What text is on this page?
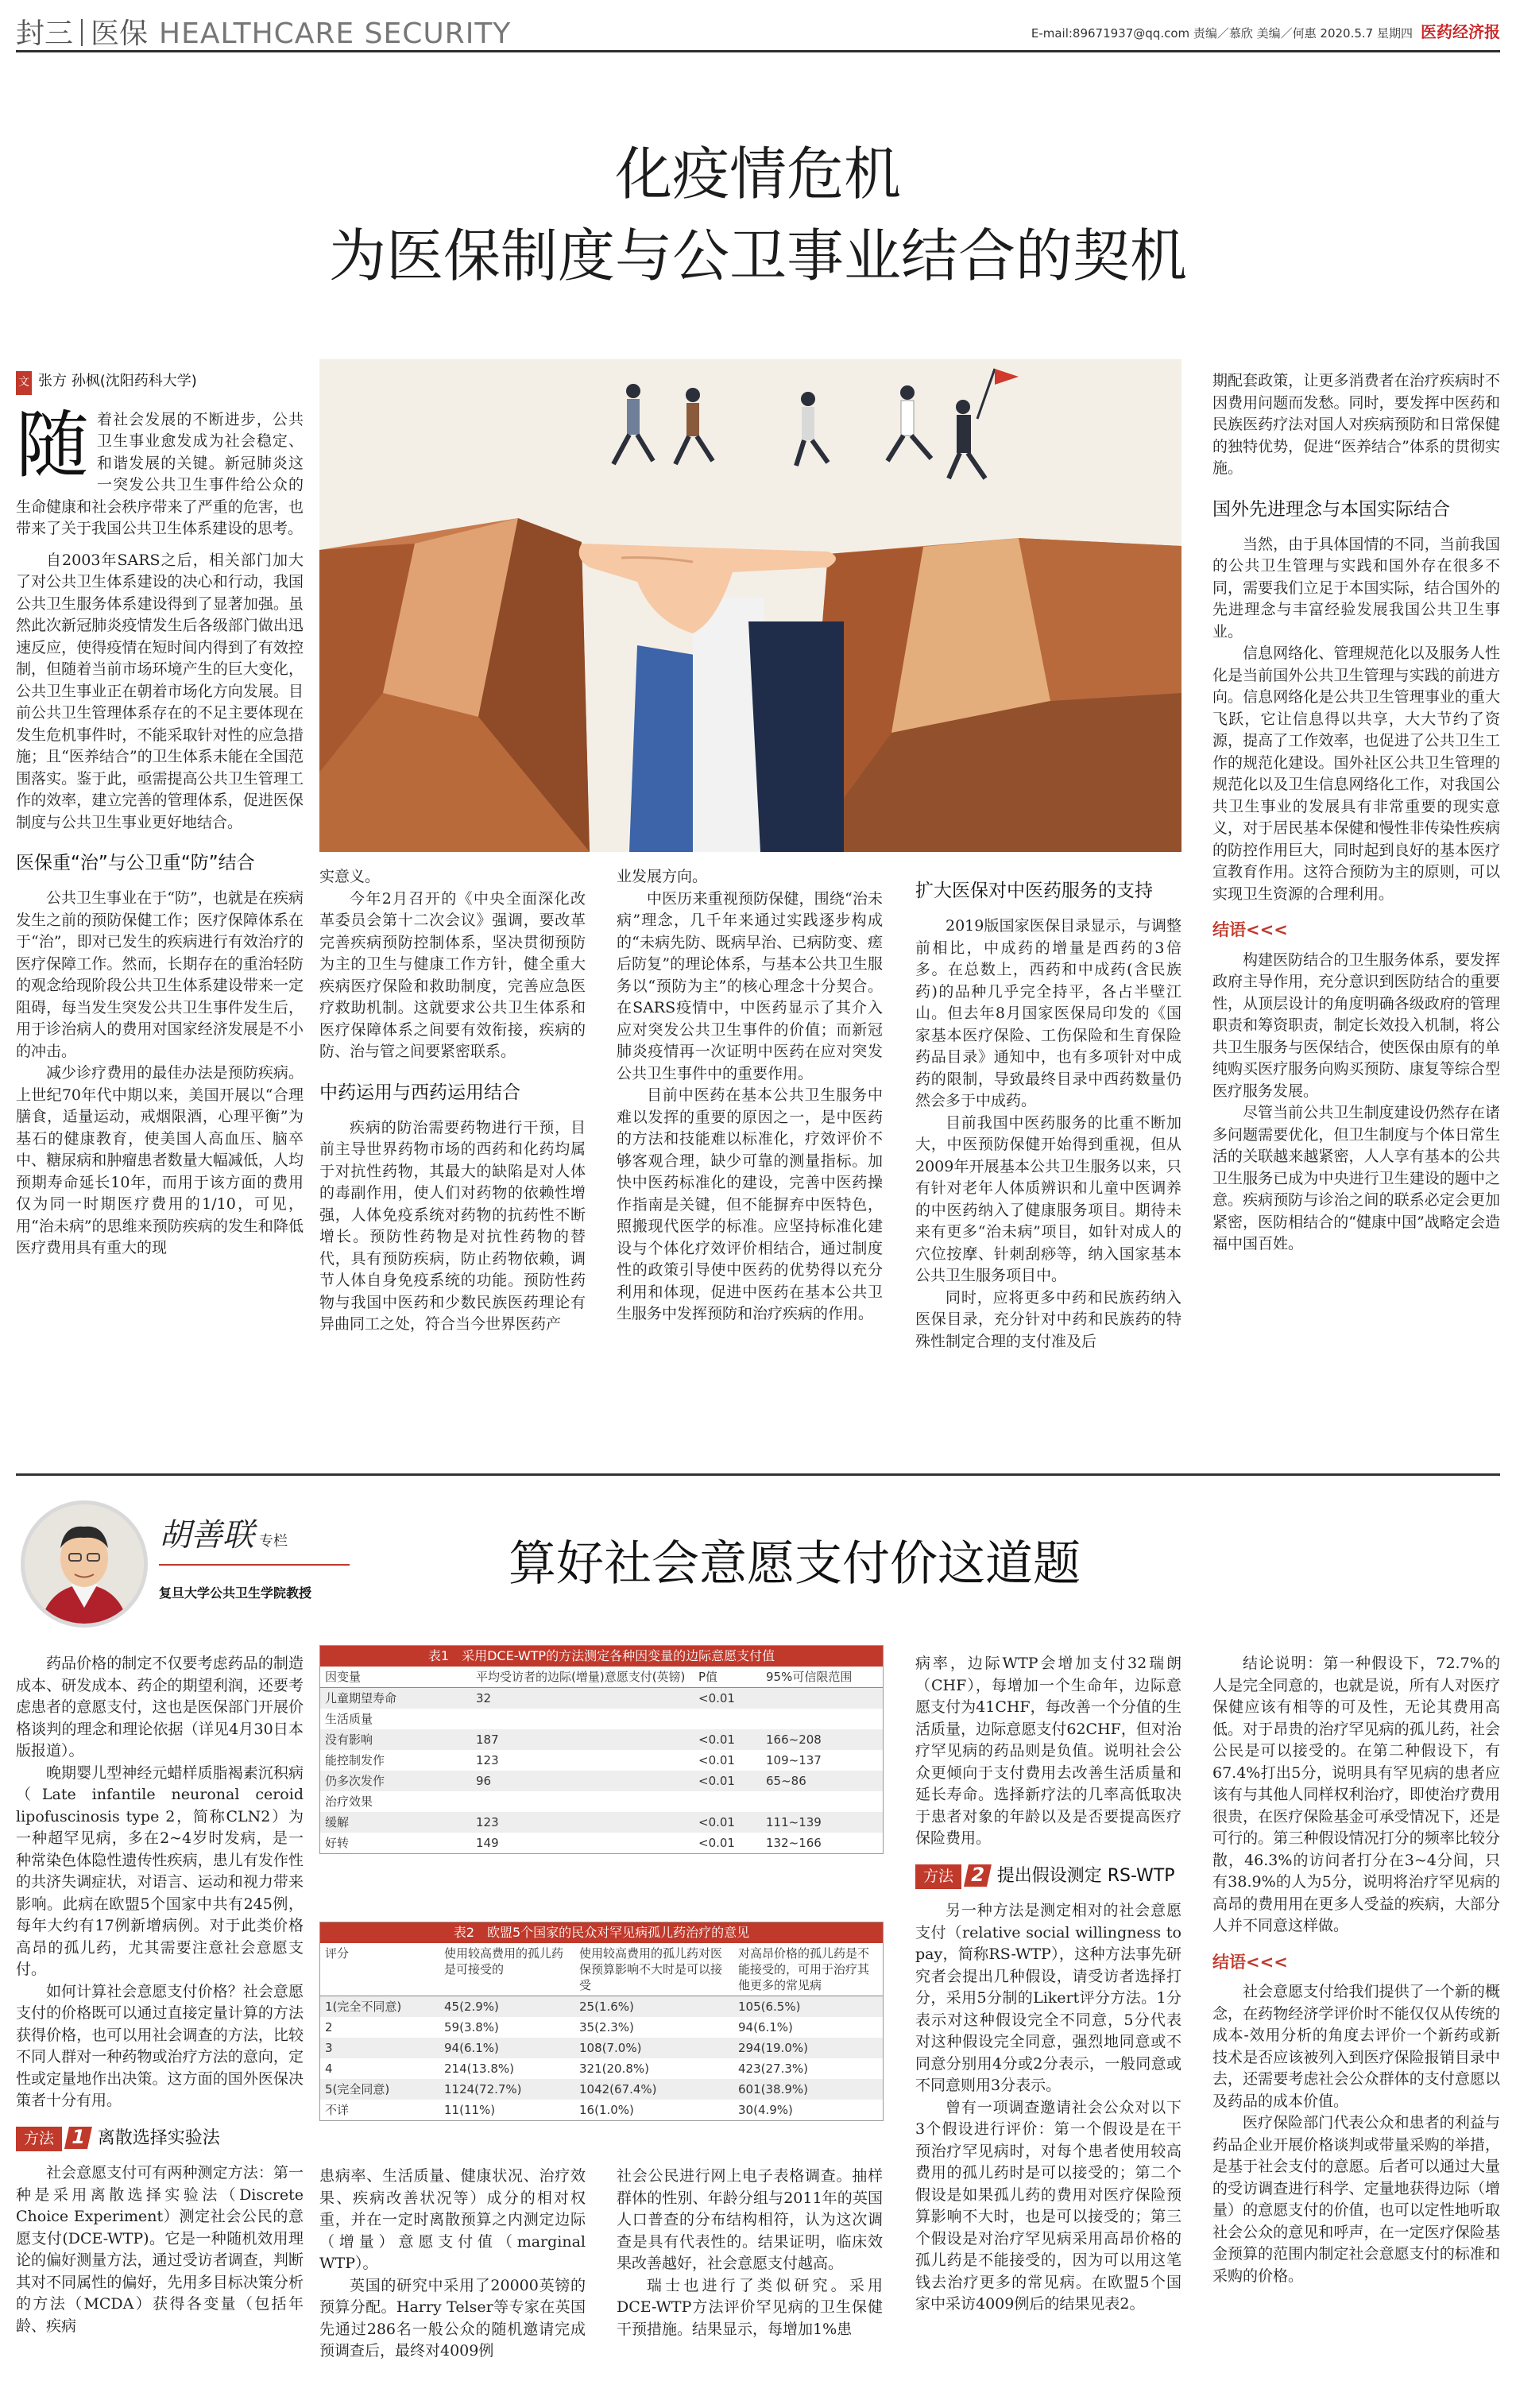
封三 医保 HEALTHCARE SECURITY	E-mail:89671937@qq.com 责编／慕欣 美编／何惠 2020.5.7 星期四 医药经济报
化疫情危机
为医保制度与公卫事业结合的契机
文 张方 孙枫(沈阳药科大学)

随着社会发展的不断进步，公共卫生事业愈发成为社会稳定、和谐发展的关键。新冠肺炎这一突发公共卫生事件给公众的生命健康和社会秩序带来了严重的危害，也带来了关于我国公共卫生体系建设的思考。

自2003年SARS之后，相关部门加大了对公共卫生体系建设的决心和行动，我国公共卫生服务体系建设得到了显著加强。虽然此次新冠肺炎疫情发生后各级部门做出迅速反应，使得疫情在短时间内得到了有效控制，但随着当前市场环境产生的巨大变化，公共卫生事业正在朝着市场化方向发展。目前公共卫生管理体系存在的不足主要体现在发生危机事件时，不能采取针对性的应急措施；且“医养结合”的卫生体系未能在全国范围落实。鉴于此，亟需提高公共卫生管理工作的效率，建立完善的管理体系，促进医保制度与公共卫生事业更好地结合。

医保重“治”与公卫重“防”结合

公共卫生事业在于“防”，也就是在疾病发生之前的预防保健工作；医疗保障体系在于“治”，即对已发生的疾病进行有效治疗的医疗保障工作。然而，长期存在的重治轻防的观念给现阶段公共卫生体系建设带来一定阻碍，每当发生突发公共卫生事件发生后，用于诊治病人的费用对国家经济发展是不小的冲击。

减少诊疗费用的最佳办法是预防疾病。上世纪70年代中期以来，美国开展以“合理膳食，适量运动，戒烟限酒，心理平衡”为基石的健康教育，使美国人高血压、脑卒中、糖尿病和肿瘤患者数量大幅减低，人均预期寿命延长10年，而用于该方面的费用仅为同一时期医疗费用的1/10，可见，用“治未病”的思维来预防疾病的发生和降低医疗费用具有重大的现

实意义。

今年2月召开的《中央全面深化改革委员会第十二次会议》强调，要改革完善疾病预防控制体系，坚决贯彻预防为主的卫生与健康工作方针，健全重大疾病医疗保险和救助制度，完善应急医疗救助机制。这就要求公共卫生体系和医疗保障体系之间要有效衔接，疾病的防、治与管之间要紧密联系。

中药运用与西药运用结合

疾病的防治需要药物进行干预，目前主导世界药物市场的西药和化药均属于对抗性药物，其最大的缺陷是对人体的毒副作用，使人们对药物的依赖性增强，人体免疫系统对药物的抗药性不断增长。预防性药物是对抗性药物的替代，具有预防疾病，防止药物依赖，调节人体自身免疫系统的功能。预防性药物与我国中医药和少数民族医药理论有异曲同工之处，符合当今世界医药产

业发展方向。

中医历来重视预防保健，围绕“治未病”理念，几千年来通过实践逐步构成的“未病先防、既病早治、已病防变、瘥后防复”的理论体系，与基本公共卫生服务以“预防为主”的核心理念十分契合。在SARS疫情中，中医药显示了其介入应对突发公共卫生事件的价值；而新冠肺炎疫情再一次证明中医药在应对突发公共卫生事件中的重要作用。

目前中医药在基本公共卫生服务中难以发挥的重要的原因之一，是中医药的方法和技能难以标准化，疗效评价不够客观合理，缺少可靠的测量指标。加快中医药标准化的建设，完善中医药操作指南是关键，但不能摒弃中医特色，照搬现代医学的标准。应坚持标准化建设与个体化疗效评价相结合，通过制度性的政策引导使中医药的优势得以充分利用和体现，促进中医药在基本公共卫生服务中发挥预防和治疗疾病的作用。

扩大医保对中医药服务的支持

2019版国家医保目录显示，与调整前相比，中成药的增量是西药的3倍多。在总数上，西药和中成药(含民族药)的品种几乎完全持平，各占半壁江山。但去年8月国家医保局印发的《国家基本医疗保险、工伤保险和生育保险药品目录》通知中，也有多项针对中成药的限制，导致最终目录中西药数量仍然会多于中成药。

目前我国中医药服务的比重不断加大，中医预防保健开始得到重视，但从2009年开展基本公共卫生服务以来，只有针对老年人体质辨识和儿童中医调养的中医药纳入了健康服务项目。期待未来有更多“治未病”项目，如针对成人的穴位按摩、针刺刮痧等，纳入国家基本公共卫生服务项目中。

同时，应将更多中药和民族药纳入医保目录，充分针对中药和民族药的特殊性制定合理的支付准及后

期配套政策，让更多消费者在治疗疾病时不因费用问题而发愁。同时，要发挥中医药和民族医药疗法对国人对疾病预防和日常保健的独特优势，促进“医养结合”体系的贯彻实施。

国外先进理念与本国实际结合

当然，由于具体国情的不同，当前我国的公共卫生管理与实践和国外存在很多不同，需要我们立足于本国实际，结合国外的先进理念与丰富经验发展我国公共卫生事业。

信息网络化、管理规范化以及服务人性化是当前国外公共卫生管理与实践的前进方向。信息网络化是公共卫生管理事业的重大飞跃，它让信息得以共享，大大节约了资源，提高了工作效率，也促进了公共卫生工作的规范化建设。国外社区公共卫生管理的规范化以及卫生信息网络化工作，对我国公共卫生事业的发展具有非常重要的现实意义，对于居民基本保健和慢性非传染性疾病的防控作用巨大，同时起到良好的基本医疗宣教育作用。这符合预防为主的原则，可以实现卫生资源的合理利用。

结语<<<

构建医防结合的卫生服务体系，要发挥政府主导作用，充分意识到医防结合的重要性，从顶层设计的角度明确各级政府的管理职责和筹资职责，制定长效投入机制，将公共卫生服务与医保结合，使医保由原有的单纯购买医疗服务向购买预防、康复等综合型医疗服务发展。

尽管当前公共卫生制度建设仍然存在诸多问题需要优化，但卫生制度与个体日常生活的关联越来越紧密，人人享有基本的公共卫生服务已成为中央进行卫生建设的题中之意。疾病预防与诊治之间的联系必定会更加紧密，医防相结合的“健康中国”战略定会造福中国百姓。

胡善联 专栏
复旦大学公共卫生学院教授
算好社会意愿支付价这道题

药品价格的制定不仅要考虑药品的制造成本、研发成本、药企的期望利润，还要考虑患者的意愿支付，这也是医保部门开展价格谈判的理念和理论依据（详见4月30日本版报道）。

晚期婴儿型神经元蜡样质脂褐素沉积病（Late infantile neuronal ceroid lipofuscinosis type 2，简称CLN2）为一种超罕见病，多在2~4岁时发病，是一种常染色体隐性遗传性疾病，患儿有发作性的共济失调症状，对语言、运动和视力带来影响。此病在欧盟5个国家中共有245例，每年大约有17例新增病例。对于此类价格高昂的孤儿药，尤其需要注意社会意愿支付。

如何计算社会意愿支付价格？社会意愿支付的价格既可以通过直接定量计算的方法获得价格，也可以用社会调查的方法，比较不同人群对一种药物或治疗方法的意向，定性或定量地作出决策。这方面的国外医保决策者十分有用。

方法 1 离散选择实验法

社会意愿支付可有两种测定方法：第一种是采用离散选择实验法（Discrete Choice Experiment）测定社会公民的意愿支付(DCE-WTP)。它是一种随机效用理论的偏好测量方法，通过受访者调查，判断其对不同属性的偏好，先用多目标决策分析的方法（MCDA）获得各变量（包括年龄、疾病

表1　采用DCE-WTP的方法测定各种因变量的边际意愿支付值
因变量	平均受访者的边际(增量)意愿支付(英镑)	P值	95%可信限范围
儿童期望寿命	32	<0.01	
生活质量			
没有影响	187	<0.01	166~208
能控制发作	123	<0.01	109~137
仍多次发作	96	<0.01	65~86
治疗效果			
缓解	123	<0.01	111~139
好转	149	<0.01	132~166
表2　欧盟5个国家的民众对罕见病孤儿药治疗的意见
评分	使用较高费用的孤儿药是可接受的	使用较高费用的孤儿药对医保预算影响不大时是可以接受	对高昂价格的孤儿药是不能接受的，可用于治疗其他更多的常见病
1(完全不同意)	45(2.9%)	25(1.6%)	105(6.5%)
2	59(3.8%)	35(2.3%)	94(6.1%)
3	94(6.1%)	108(7.0%)	294(19.0%)
4	214(13.8%)	321(20.8%)	423(27.3%)
5(完全同意)	1124(72.7%)	1042(67.4%)	601(38.9%)
不详	11(11%)	16(1.0%)	30(4.9%)

患病率、生活质量、健康状况、治疗效果、疾病改善状况等）成分的相对权重，并在一定时离散预算之内测定边际（增量）意愿支付值（marginal WTP）。

英国的研究中采用了20000英镑的预算分配。Harry Telser等专家在英国先通过286名一般公众的随机邀请完成预调查后，最终对4009例

社会公民进行网上电子表格调查。抽样群体的性别、年龄分组与2011年的英国人口普查的分布结构相符，认为这次调查是具有代表性的。结果证明，临床效果改善越好，社会意愿支付越高。

瑞士也进行了类似研究。采用DCE-WTP方法评价罕见病的卫生保健干预措施。结果显示，每增加1%患

病率，边际WTP会增加支付32瑞朗（CHF），每增加一个生命年，边际意愿支付为41CHF，每改善一个分值的生活质量，边际意愿支付62CHF，但对治疗罕见病的药品则是负值。说明社会公众更倾向于支付费用去改善生活质量和延长寿命。选择新疗法的几率高低取决于患者对象的年龄以及是否要提高医疗保险费用。

方法 2 提出假设测定 RS-WTP

另一种方法是测定相对的社会意愿支付（relative social willingness to pay，简称RS-WTP），这种方法事先研究者会提出几种假设，请受访者选择打分，采用5分制的Likert评分方法。1分表示对这种假设完全不同意，5分代表对这种假设完全同意，强烈地同意或不同意分别用4分或2分表示，一般同意或不同意则用3分表示。

曾有一项调查邀请社会公众对以下3个假设进行评价：第一个假设是在干预治疗罕见病时，对每个患者使用较高费用的孤儿药时是可以接受的；第二个假设是如果孤儿药的费用对医疗保险预算影响不大时，也是可以接受的；第三个假设是对治疗罕见病采用高昂价格的孤儿药是不能接受的，因为可以用这笔钱去治疗更多的常见病。在欧盟5个国家中采访4009例后的结果见表2。

结论说明：第一种假设下，72.7%的人是完全同意的，也就是说，所有人对医疗保健应该有相等的可及性，无论其费用高低。对于昂贵的治疗罕见病的孤儿药，社会公民是可以接受的。在第二种假设下，有67.4%打出5分，说明具有罕见病的患者应该有与其他人同样权利治疗，即使治疗费用很贵，在医疗保险基金可承受情况下，还是可行的。第三种假设情况打分的频率比较分散，46.3%的访问者打分在3~4分间，只有38.9%的人为5分，说明将治疗罕见病的高昂的费用用在更多人受益的疾病，大部分人并不同意这样做。

结语<<<

社会意愿支付给我们提供了一个新的概念，在药物经济学评价时不能仅仅从传统的成本-效用分析的角度去评价一个新药或新技术是否应该被列入到医疗保险报销目录中去，还需要考虑社会公众群体的支付意愿以及药品的成本价值。

医疗保险部门代表公众和患者的利益与药品企业开展价格谈判或带量采购的举措，是基于社会支付的意愿。后者可以通过大量的受访调查进行科学、定量地获得边际（增量）的意愿支付的价值，也可以定性地听取社会公众的意见和呼声，在一定医疗保险基金预算的范围内制定社会意愿支付的标准和采购的价格。
